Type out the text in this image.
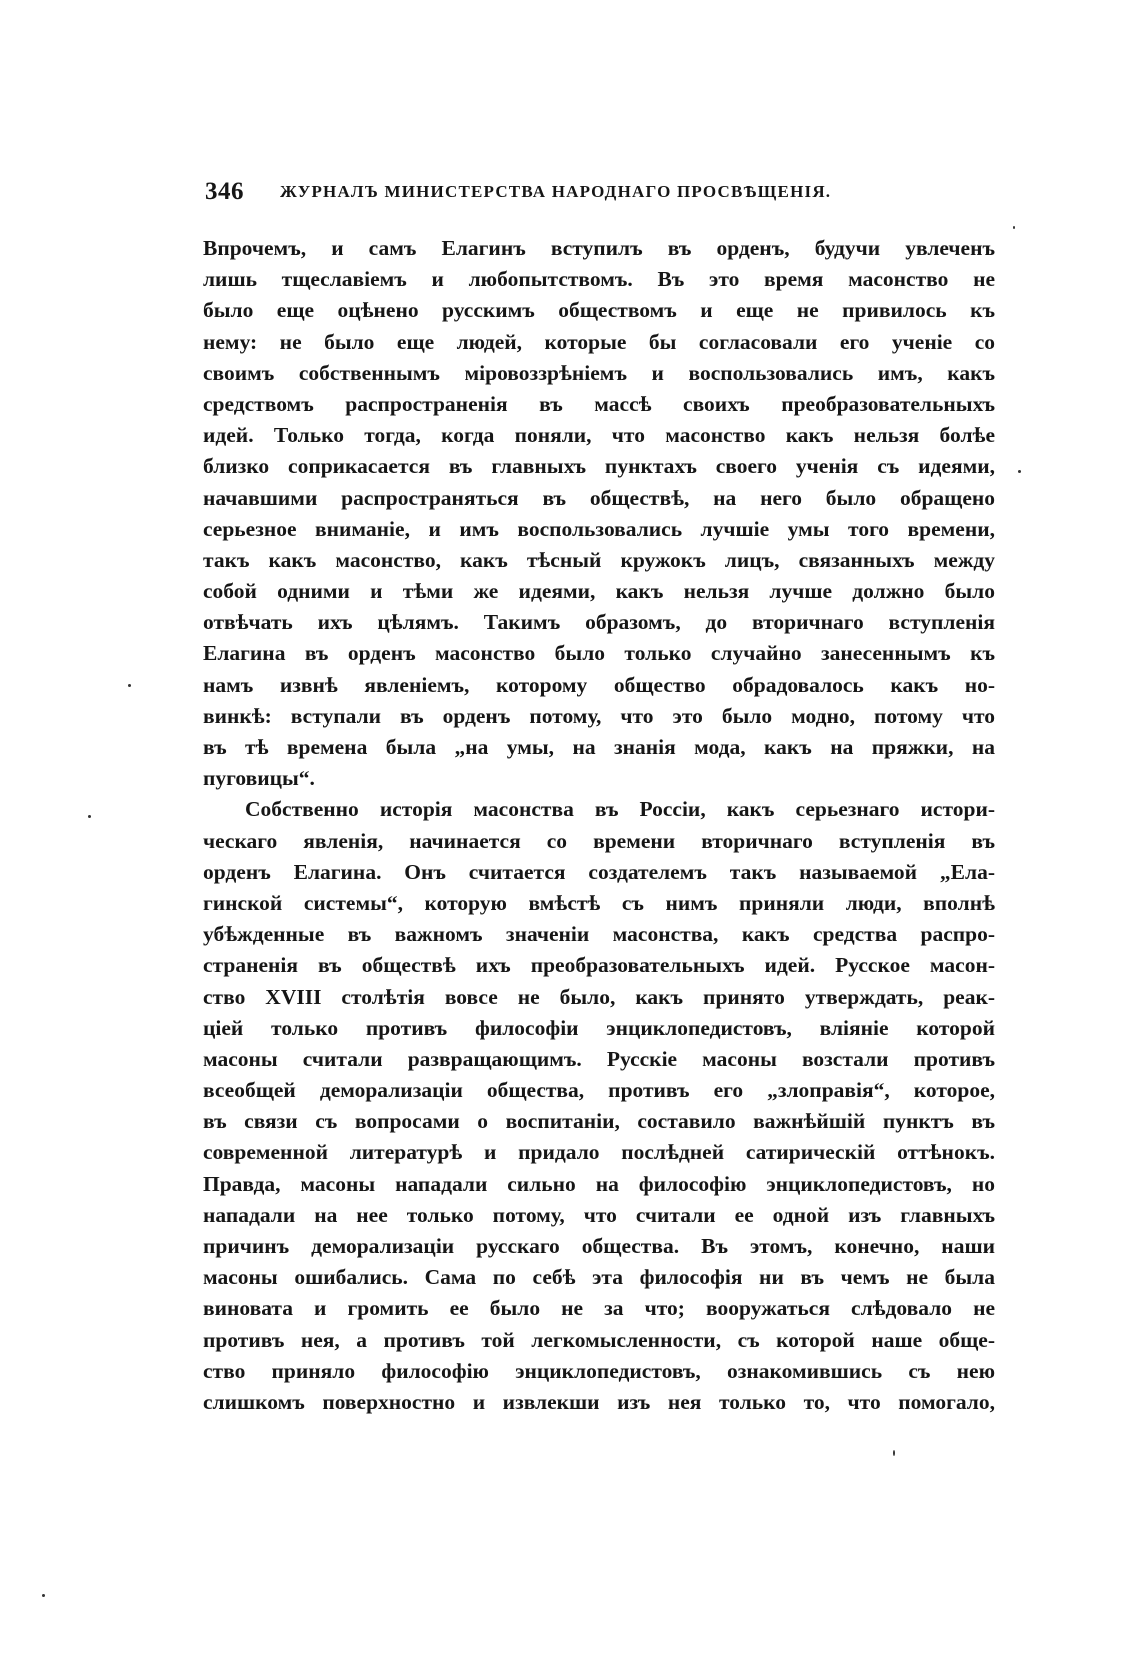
346 ЖУРНАЛЪ МИНИСТЕРСТВА НАРОДНАГО ПРОСВѢЩЕНІЯ.
Впрочемъ, и самъ Елагинъ вступилъ въ орденъ, будучи увлеченъ
лишь тщеславіемъ и любопытствомъ. Въ это время масонство не
было еще оцѣнено русскимъ обществомъ и еще не привилось къ
нему: не было еще людей, которые бы согласовали его ученіе со
своимъ собственнымъ міровоззрѣніемъ и воспользовались имъ, какъ
средствомъ распространенія въ массѣ своихъ преобразовательныхъ
идей. Только тогда, когда поняли, что масонство какъ нельзя болѣе
близко соприкасается въ главныхъ пунктахъ своего ученія съ идеями,
начавшими распространяться въ обществѣ, на него было обращено
серьезное вниманіе, и имъ воспользовались лучшіе умы того времени,
такъ какъ масонство, какъ тѣсный кружокъ лицъ, связанныхъ между
собой одними и тѣми же идеями, какъ нельзя лучше должно было
отвѣчать ихъ цѣлямъ. Такимъ образомъ, до вторичнаго вступленія
Елагина въ орденъ масонство было только случайно занесеннымъ къ
намъ извнѣ явленіемъ, которому общество обрадовалось какъ но-
винкѣ: вступали въ орденъ потому, что это было модно, потому что
въ тѣ времена была „на умы, на знанія мода, какъ на пряжки, на
пуговицы“.
Собственно исторія масонства въ Россіи, какъ серьезнаго истори-
ческаго явленія, начинается со времени вторичнаго вступленія въ
орденъ Елагина. Онъ считается создателемъ такъ называемой „Ела-
гинской системы“, которую вмѣстѣ съ нимъ приняли люди, вполнѣ
убѣжденные въ важномъ значеніи масонства, какъ средства распро-
страненія въ обществѣ ихъ преобразовательныхъ идей. Русское масон-
ство XVIII столѣтія вовсе не было, какъ принято утверждать, реак-
ціей только противъ философіи энциклопедистовъ, вліяніе которой
масоны считали развращающимъ. Русскіе масоны возстали противъ
всеобщей деморализаціи общества, противъ его „злоправія“, которое,
въ связи съ вопросами о воспитаніи, составило важнѣйшій пунктъ въ
современной литературѣ и придало послѣдней сатирическій оттѣнокъ.
Правда, масоны нападали сильно на философію энциклопедистовъ, но
нападали на нее только потому, что считали ее одной изъ главныхъ
причинъ деморализаціи русскаго общества. Въ этомъ, конечно, наши
масоны ошибались. Сама по себѣ эта философія ни въ чемъ не была
виновата и громить ее было не за что; вооружаться слѣдовало не
противъ нея, а противъ той легкомысленности, съ которой наше обще-
ство приняло философію энциклопедистовъ, ознакомившись съ нею
слишкомъ поверхностно и извлекши изъ нея только то, что помогало,
